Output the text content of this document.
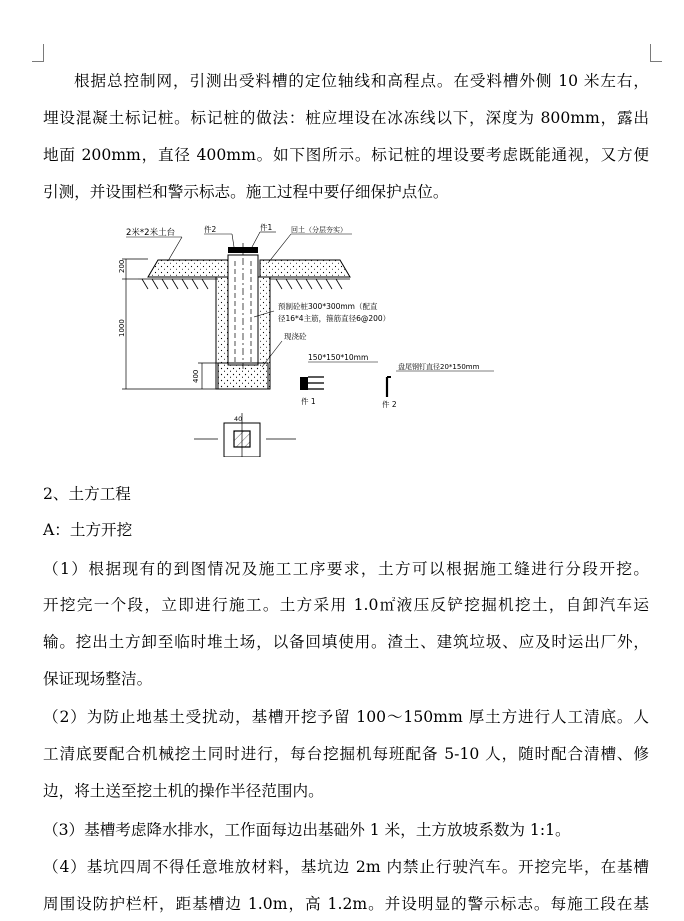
根据总控制网，引测出受料槽的定位轴线和高程点。在受料槽外侧 10 米左右，
埋设混凝土标记桩。标记桩的做法：桩应埋设在冰冻线以下，深度为 800mm，露出
地面 200mm，直径 400mm。如下图所示。标记桩的埋设要考虑既能通视，又方便
引测，并设围栏和警示标志。施工过程中要仔细保护点位。
200
1000
400
2米*2米土台	件2	件1	回土（分层夯实）
预制砼桩300*300mm（配直
径16*4主筋，箍筋直径6@200）
现浇砼
150*150*10mm
件 1
盘尾钢钉直径20*150mm
件 2
40
2、土方工程
A：土方开挖
（1）根据现有的到图情况及施工工序要求，土方可以根据施工缝进行分段开挖。
开挖完一个段，立即进行施工。土方采用 1.0㎡液压反铲挖掘机挖土，自卸汽车运
输。挖出土方卸至临时堆土场，以备回填使用。渣土、建筑垃圾、应及时运出厂外，
保证现场整洁。
（2）为防止地基土受扰动，基槽开挖予留 100～150mm 厚土方进行人工清底。人
工清底要配合机械挖土同时进行，每台挖掘机每班配备 5-10 人，随时配合清槽、修
边，将土送至挖土机的操作半径范围内。
（3）基槽考虑降水排水，工作面每边出基础外 1 米，土方放坡系数为 1:1。
（4）基坑四周不得任意堆放材料，基坑边 2m 内禁止行驶汽车。开挖完毕，在基槽
周围设防护栏杆，距基槽边 1.0m，高 1.2m。并设明显的警示标志。每施工段在基
